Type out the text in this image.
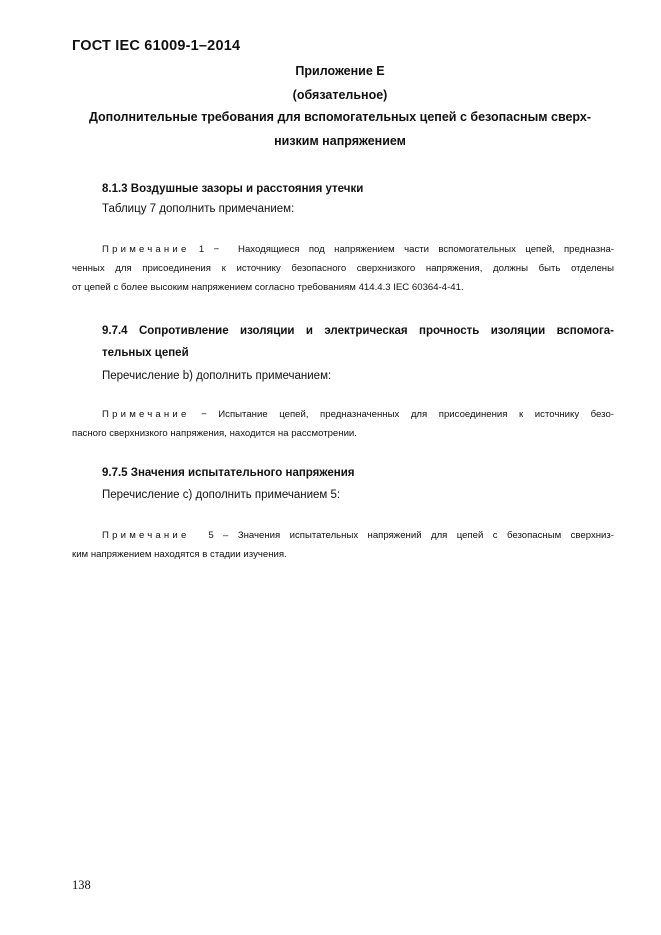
ГОСТ IEC 61009-1–2014
Приложение Е
(обязательное)
Дополнительные требования для вспомогательных цепей с безопасным сверх-
низким напряжением
8.1.3 Воздушные зазоры и расстояния утечки
Таблицу 7 дополнить примечанием:
Примечание 1 − Находящиеся под напряжением части вспомогательных цепей, предназна-
ченных для присоединения к источнику безопасного сверхнизкого напряжения, должны быть отделены
от цепей с более высоким напряжением согласно требованиям 414.4.3 IEC 60364-4-41.
9.7.4 Сопротивление изоляции и электрическая прочность изоляции вспомога-
тельных цепей
Перечисление b) дополнить примечанием:
Примечание − Испытание цепей, предназначенных для присоединения к источнику безо-
пасного сверхнизкого напряжения, находится на рассмотрении.
9.7.5 Значения испытательного напряжения
Перечисление с) дополнить примечанием 5:
Примечание 5 – Значения испытательных напряжений для цепей с безопасным сверхниз-
ким напряжением находятся в стадии изучения.
138
